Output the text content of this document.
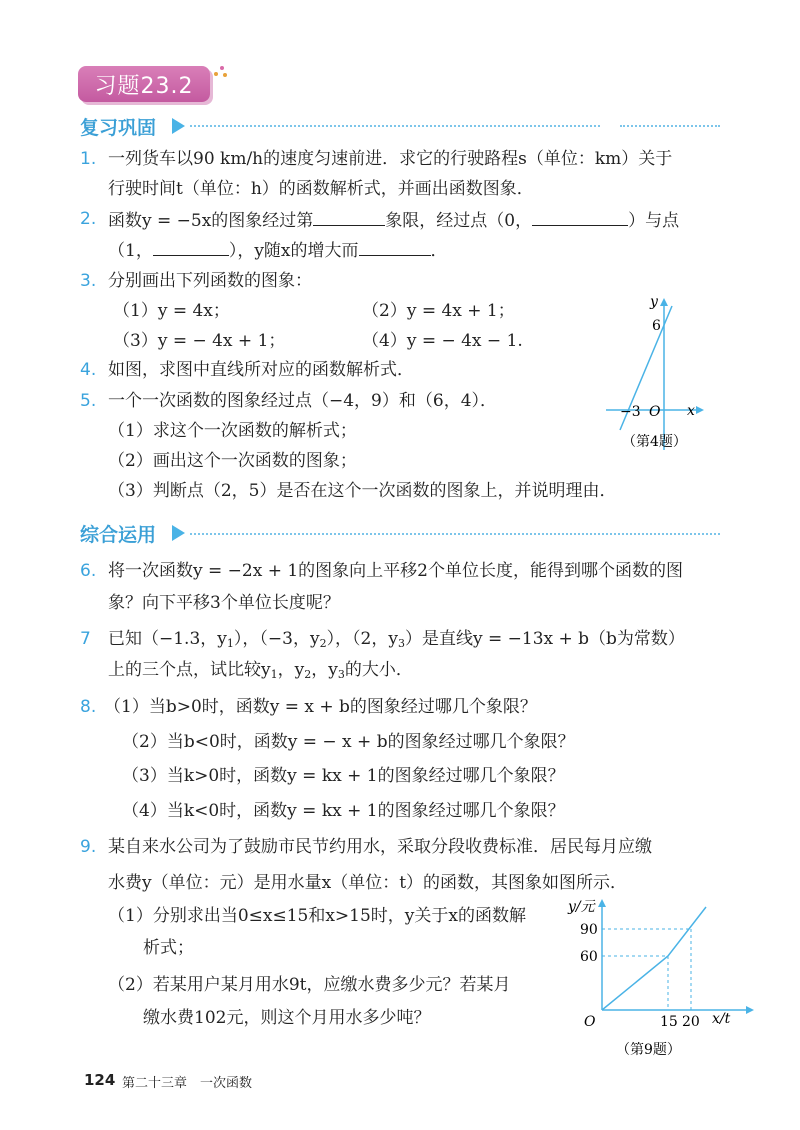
习题23.2
复习巩固
1. 一列货车以90 km/h的速度匀速前进．求它的行驶路程s（单位：km）关于
行驶时间t（单位：h）的函数解析式，并画出函数图象．
2. 函数y = −5x的图象经过第	象限，经过点（0，	）与点
（1，	），y随x的增大而	．
3. 分别画出下列函数的图象：
（1）y = 4x；	（2）y = 4x + 1；
（3）y = − 4x + 1；	（4）y = − 4x − 1.
4. 如图，求图中直线所对应的函数解析式．
5. 一个一次函数的图象经过点（−4，9）和（6，4）．
（1）求这个一次函数的解析式；
（2）画出这个一次函数的图象；
（3）判断点（2，5）是否在这个一次函数的图象上，并说明理由．
y
x
6
−3 O
（第4题）
综合运用
6. 将一次函数y = −2x + 1的图象向上平移2个单位长度，能得到哪个函数的图
象？向下平移3个单位长度呢？
7 已知（−1.3，$y_1$），（−3，$y_2$），（2，$y_3$）是直线y = −13x + b（b为常数）
上的三个点，试比较$y_1$，$y_2$，$y_3$的大小．
8. （1）当b>0时，函数y = x + b的图象经过哪几个象限？
（2）当b<0时，函数y = − x + b的图象经过哪几个象限？
（3）当k>0时，函数y = kx + 1的图象经过哪几个象限？
（4）当k<0时，函数y = kx + 1的图象经过哪几个象限？
9. 某自来水公司为了鼓励市民节约用水，采取分段收费标准．居民每月应缴
水费y（单位：元）是用水量x（单位：t）的函数，其图象如图所示．
（1）分别求出当0≤x≤15和x>15时，y关于x的函数解
析式；
（2）若某用户某月用水9t，应缴水费多少元？若某月
缴水费102元，则这个月用水多少吨？
y/元
x/t
90
60
15 20
O
（第9题）
124 第二十三章　一次函数
